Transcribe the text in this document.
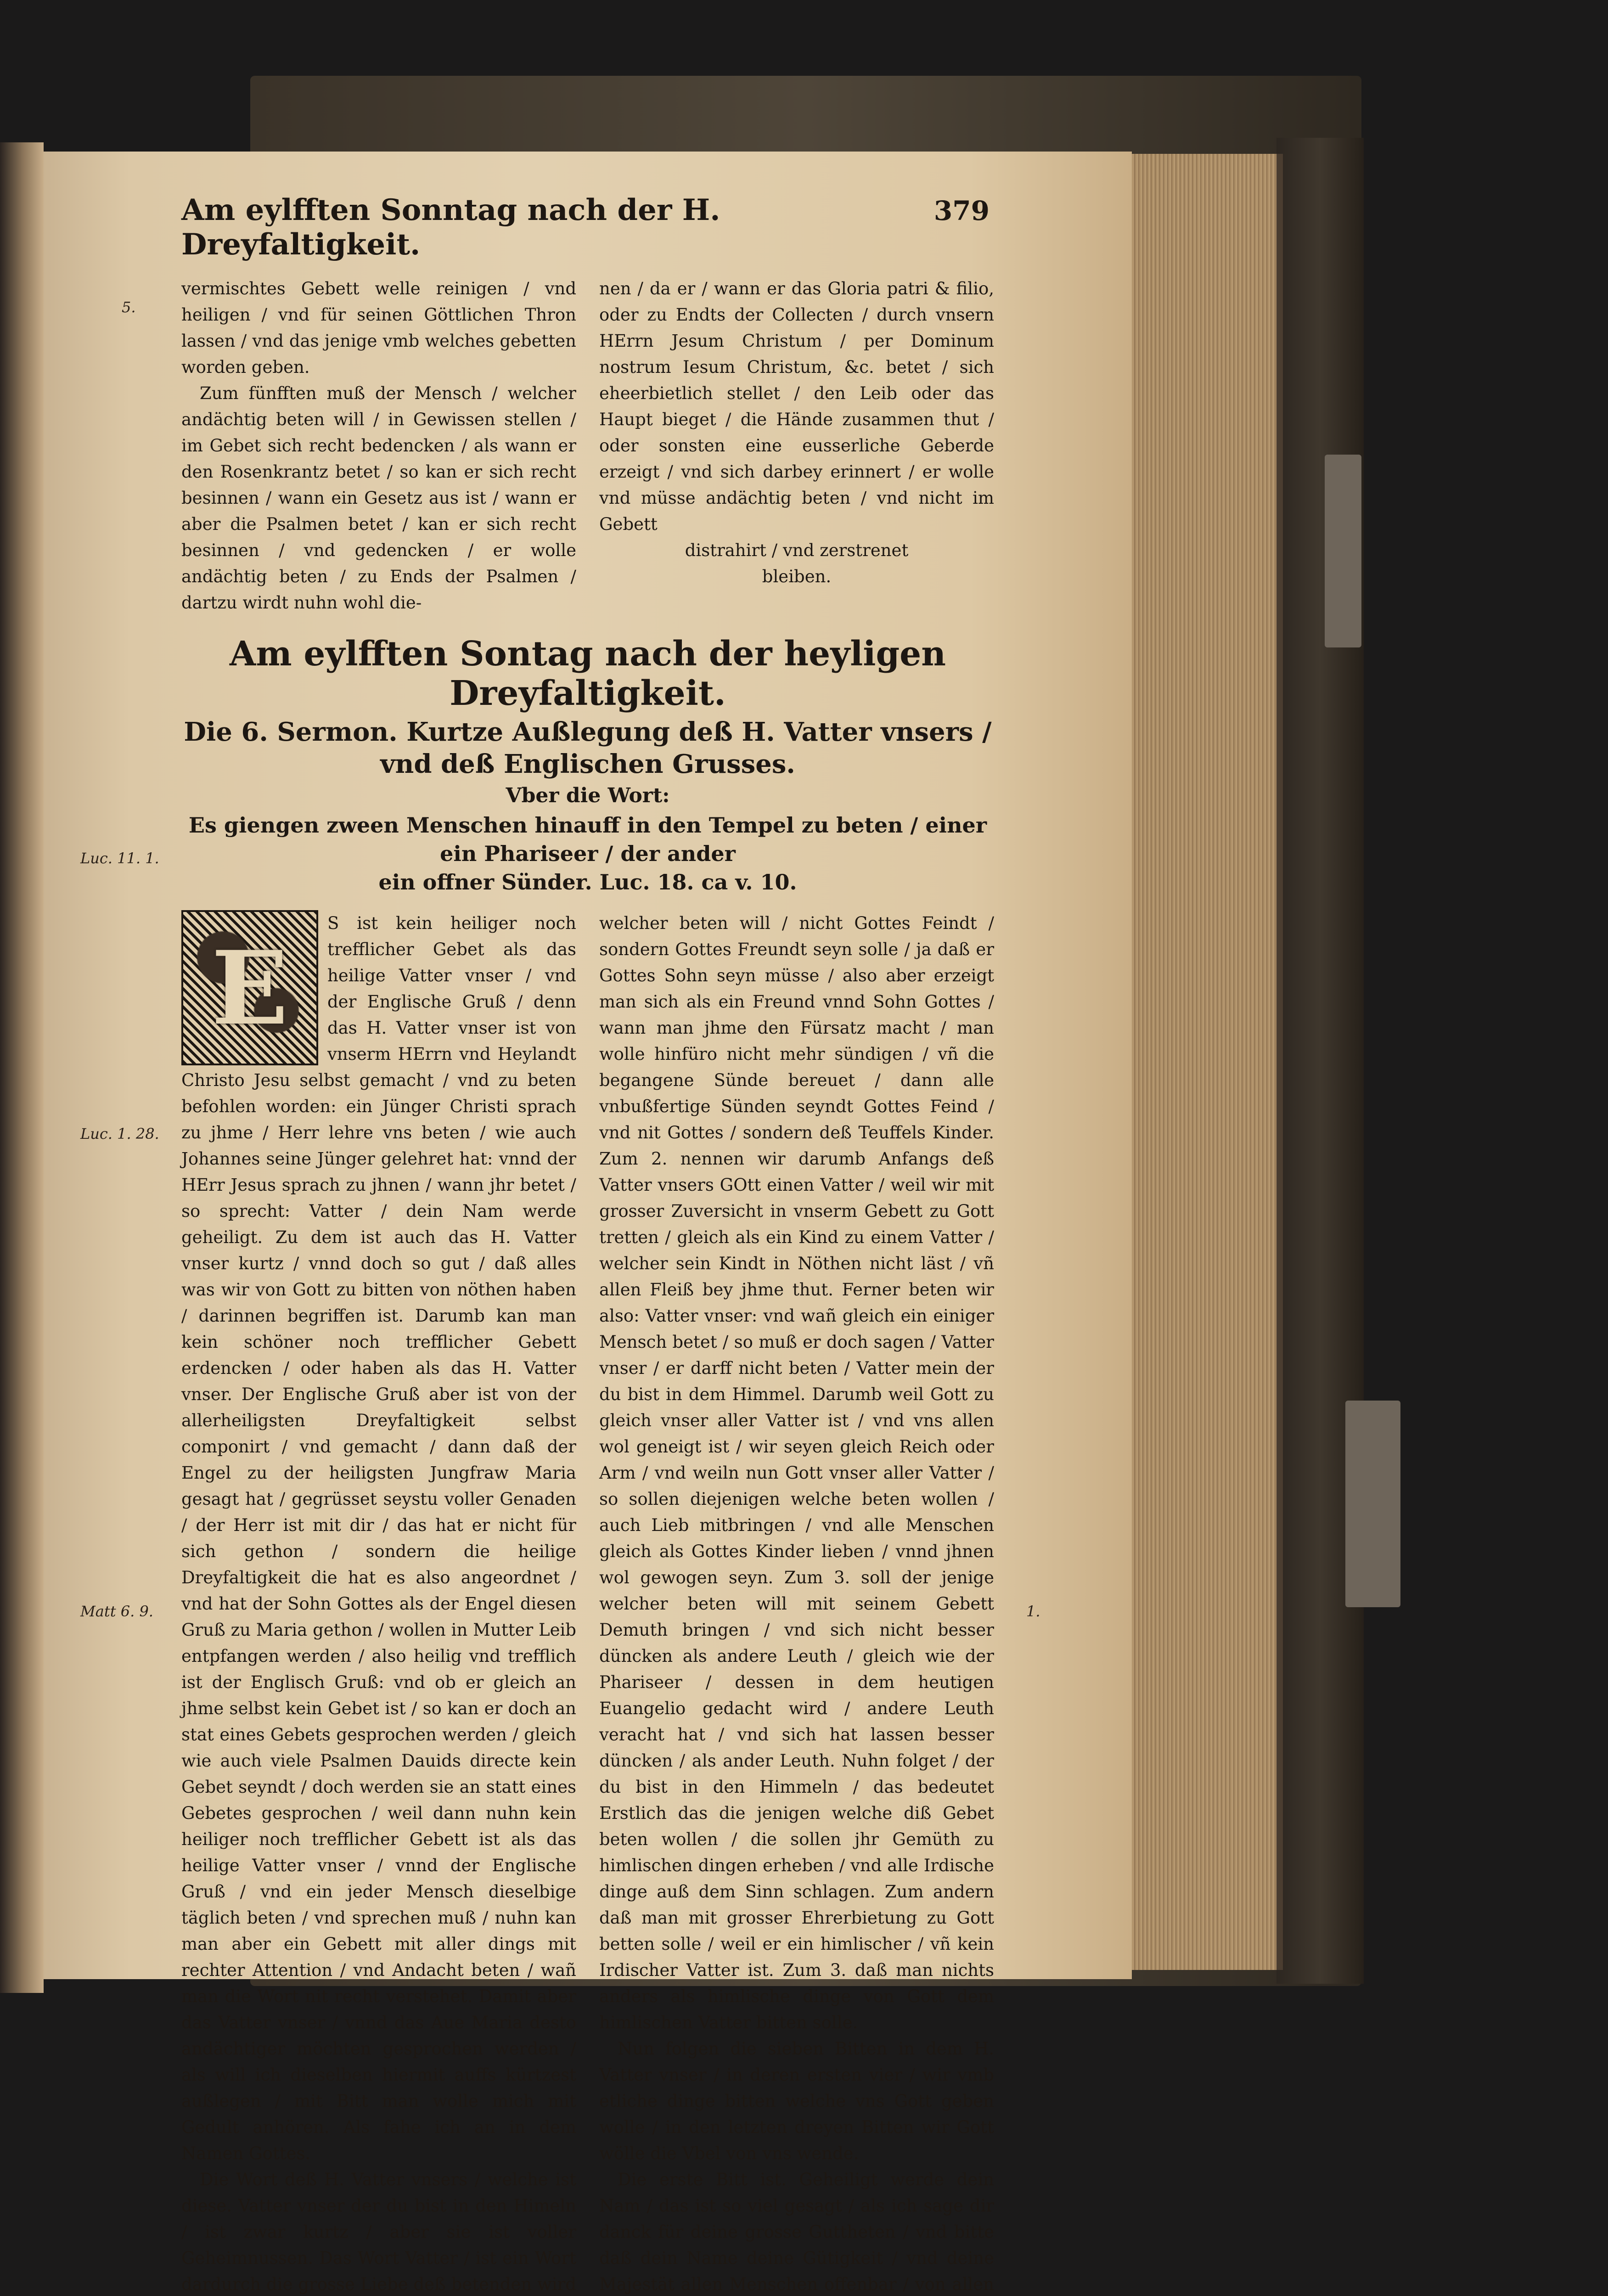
Am eylfften Sonntag nach der H. Dreyfaltigkeit.
379

vermischtes Gebett welle reinigen / vnd heiligen / vnd für seinen Göttlichen Thron lassen / vnd das jenige vmb welches gebetten worden geben.

Zum fünfften muß der Mensch / welcher andächtig beten will / in Gewissen stellen / im Gebet sich recht bedencken / als wann er den Rosenkrantz betet / so kan er sich recht besinnen / wann ein Gesetz aus ist / wann er aber die Psalmen betet / kan er sich recht besinnen / vnd gedencken / er wolle andächtig beten / zu Ends der Psalmen / dartzu wirdt nuhn wohl die-

nen / da er / wann er das Gloria patri & filio, oder zu Endts der Collecten / durch vnsern HErrn Jesum Christum / per Dominum nostrum Iesum Christum, &c. betet / sich eheerbietlich stellet / den Leib oder das Haupt bieget / die Hände zusammen thut / oder sonsten eine eusserliche Geberde erzeigt / vnd sich darbey erinnert / er wolle vnd müsse andächtig beten / vnd nicht im Gebett

distrahirt / vnd zerstrenet

bleiben.

Am eylfften Sontag nach der heyligen Dreyfaltigkeit.
Die 6. Sermon. Kurtze Außlegung deß H. Vatter vnsers /
vnd deß Englischen Grusses.
Vber die Wort:
Es giengen zween Menschen hinauff in den Tempel zu beten / einer ein Phariseer / der ander
ein offner Sünder. Luc. 18. ca v. 10.
E

S ist kein heiliger noch trefflicher Gebet als das heilige Vatter vnser / vnd der Englische Gruß / denn das H. Vatter vnser ist von vnserm HErrn vnd Heylandt Christo Jesu selbst gemacht / vnd zu beten befohlen worden: ein Jünger Christi sprach zu jhme / Herr lehre vns beten / wie auch Johannes seine Jünger gelehret hat: vnnd der HErr Jesus sprach zu jhnen / wann jhr betet / so sprecht: Vatter / dein Nam werde geheiligt. Zu dem ist auch das H. Vatter vnser kurtz / vnnd doch so gut / daß alles was wir von Gott zu bitten von nöthen haben / darinnen begriffen ist. Darumb kan man kein schöner noch trefflicher Gebett erdencken / oder haben als das H. Vatter vnser. Der Englische Gruß aber ist von der allerheiligsten Dreyfaltigkeit selbst componirt / vnd gemacht / dann daß der Engel zu der heiligsten Jungfraw Maria gesagt hat / gegrüsset seystu voller Genaden / der Herr ist mit dir / das hat er nicht für sich gethon / sondern die heilige Dreyfaltigkeit die hat es also angeordnet / vnd hat der Sohn Gottes als der Engel diesen Gruß zu Maria gethon / wollen in Mutter Leib entpfangen werden / also heilig vnd trefflich ist der Englisch Gruß: vnd ob er gleich an jhme selbst kein Gebet ist / so kan er doch an stat eines Gebets gesprochen werden / gleich wie auch viele Psalmen Dauids directe kein Gebet seyndt / doch werden sie an statt eines Gebetes gesprochen / weil dann nuhn kein heiliger noch trefflicher Gebett ist als das heilige Vatter vnser / vnnd der Englische Gruß / vnd ein jeder Mensch dieselbige täglich beten / vnd sprechen muß / nuhn kan man aber ein Gebett mit aller dings mit rechter Attention / vnd Andacht beten / wañ man die Wort nit recht verstehet. Damit aber das Vatter vnser / vnnd das Aue Maria desto andächtiger möchten gesprochen werden / als will ich dieselben hiermit auffs kürtzest außlegen / mit Bitt man wolle mich mit Gedult anhören. Als fahe ich an in dem Namen Gottes.

Die Wort deß H. Vatter vnsers / welche ist diese. Vatter vnser der du bist in den Himeln / ist zwar kurtz / aber sie ist voller Geheimnussen. Das Wort Vatter / ist ein Wort dardurch die grosse Liebe deß betenden wird

welcher beten will / nicht Gottes Feindt / sondern Gottes Freundt seyn solle / ja daß er Gottes Sohn seyn müsse / also aber erzeigt man sich als ein Freund vnnd Sohn Gottes / wann man jhme den Fürsatz macht / man wolle hinfüro nicht mehr sündigen / vñ die begangene Sünde bereuet / dann alle vnbußfertige Sünden seyndt Gottes Feind / vnd nit Gottes / sondern deß Teuffels Kinder. Zum 2. nennen wir darumb Anfangs deß Vatter vnsers GOtt einen Vatter / weil wir mit grosser Zuversicht in vnserm Gebett zu Gott tretten / gleich als ein Kind zu einem Vatter / welcher sein Kindt in Nöthen nicht läst / vñ allen Fleiß bey jhme thut. Ferner beten wir also: Vatter vnser: vnd wañ gleich ein einiger Mensch betet / so muß er doch sagen / Vatter vnser / er darff nicht beten / Vatter mein der du bist in dem Himmel. Darumb weil Gott zu gleich vnser aller Vatter ist / vnd vns allen wol geneigt ist / wir seyen gleich Reich oder Arm / vnd weiln nun Gott vnser aller Vatter / so sollen diejenigen welche beten wollen / auch Lieb mitbringen / vnd alle Menschen gleich als Gottes Kinder lieben / vnnd jhnen wol gewogen seyn. Zum 3. soll der jenige welcher beten will mit seinem Gebett Demuth bringen / vnd sich nicht besser düncken als andere Leuth / gleich wie der Phariseer / dessen in dem heutigen Euangelio gedacht wird / andere Leuth veracht hat / vnd sich hat lassen besser düncken / als ander Leuth. Nuhn folget / der du bist in den Himmeln / das bedeutet Erstlich das die jenigen welche diß Gebet beten wollen / die sollen jhr Gemüth zu himlischen dingen erheben / vnd alle Irdische dinge auß dem Sinn schlagen. Zum andern daß man mit grosser Ehrerbietung zu Gott betten solle / weil er ein himlischer / vñ kein Irdischer Vatter ist. Zum 3. daß man nichts anders als himlische dinge von Gott dem himlischen Vatter bitten solle.

Nun folgen die sieben Bitten in dem H. Vatter vnser / in deren ersten vier / wir vmb etliche dinge bitten welche vns Gott geben wolle / in den letzten dreyen Bitten wir Gott wölle die Vbel von vns wende.

Die erste Bitt ist. Geheiligt werde dein Nam / das ist so viel gesagt / als ich sage dir danck für deine grosse Guttheten / vnd bitte daß dein Name deine Gütigkeit / vnd deine Majestät allen Menschen offenbar / von allen

5.
Luc. 11. 1.
Luc. 1. 28.
Matt 6. 9.	1.
